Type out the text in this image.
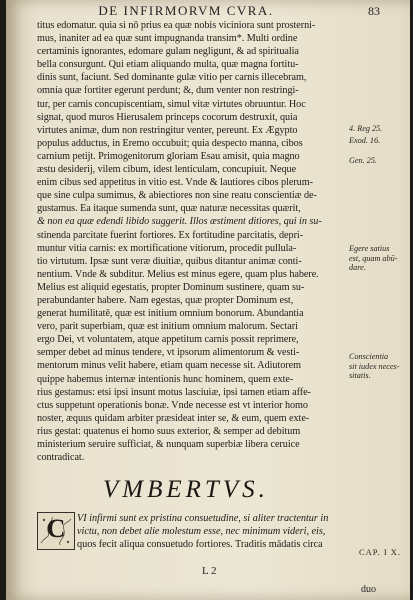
DE INFIRMORVM CVRA.	83
titus edomatur. quia si nō prius ea quæ nobis viciniora sunt prosterni-
mus, inaniter ad ea quæ sunt impugnanda transim*. Multi ordine
certaminis ignorantes, edomare gulam negligunt, & ad spiritualia
bella consurgunt. Qui etiam aliquando multa, quæ magna fortitu-
dinis sunt, faciunt. Sed dominante gulæ vitio per carnis illecebram,
omnia quæ fortiter egerunt perdunt; &, dum venter non restringi-
tur, per carnis concupiscentiam, simul vitæ virtutes obruuntur. Hoc
signat, quod muros Hierusalem princeps cocorum destruxit, quia
virtutes animæ, dum non restringitur venter, pereunt. Ex Ægypto
populus adductus, in Eremo occubuit; quia despecto manna, cibos
carnium petijt. Primogenitorum gloriam Esau amisit, quia magno
æstu desiderij, vilem cibum, idest lenticulam, concupiuit. Neque
enim cibus sed appetitus in vitio est. Vnde & lautiores cibos plerum-
que sine culpa sumimus, & abiectiores non sine reatu conscientiæ de-
gustamus. Ea itaque sumenda sunt, quæ naturæ necessitas quærit,
& non ea quæ edendi libido suggerit. Illos æstiment ditiores, qui in su-
stinenda parcitate fuerint fortiores. Ex fortitudine parcitatis, depri-
muntur vitia carnis: ex mortificatione vitiorum, procedit pullula-
tio virtutum. Ipsæ sunt veræ diuitiæ, quibus ditantur animæ conti-
nentium. Vnde & subditur. Melius est minus egere, quam plus habere.
Melius est aliquid egestatis, propter Dominum sustinere, quam su-
perabundanter habere. Nam egestas, quæ propter Dominum est,
generat humilitatē, quæ est initium omnium bonorum. Abundantia
vero, parit superbiam, quæ est initium omnium malorum. Sectari
ergo Dei, vt voluntatem, atque appetitum carnis possit reprimere,
semper debet ad minus tendere, vt ipsorum alimentorum & vesti-
mentorum minus velit habere, etiam quam necesse sit. Adiutorem
quippe habemus internæ intentionis hunc hominem, quem exte-
rius gestamus: etsi ipsi insunt motus lasciuiæ, ipsi tamen etiam affe-
ctus suppetunt operationis bonæ. Vnde necesse est vt interior homo
noster, æquus quidam arbiter præsideat inter se, & eum, quem exte-
rius gestat: quatenus ei homo suus exterior, & semper ad debitum
ministerium seruire sufficiat, & nunquam superbiæ libera ceruice
contradicat.
4. Reg 25.
Exod. 16.
Gen. 25.
Egere satius
est, quam abū-
dare.
Conscientia
sit iudex neces-
sitatis.
VMBERTVS.
C	VI infirmi sunt ex pristina consuetudine, si aliter tractentur in
victu, non debet alie molestum esse, nec minimum videri, eis,
quos fecit aliqua consuetudo fortiores. Traditis mādatis circa
CAP. I X.
L 2
duo
